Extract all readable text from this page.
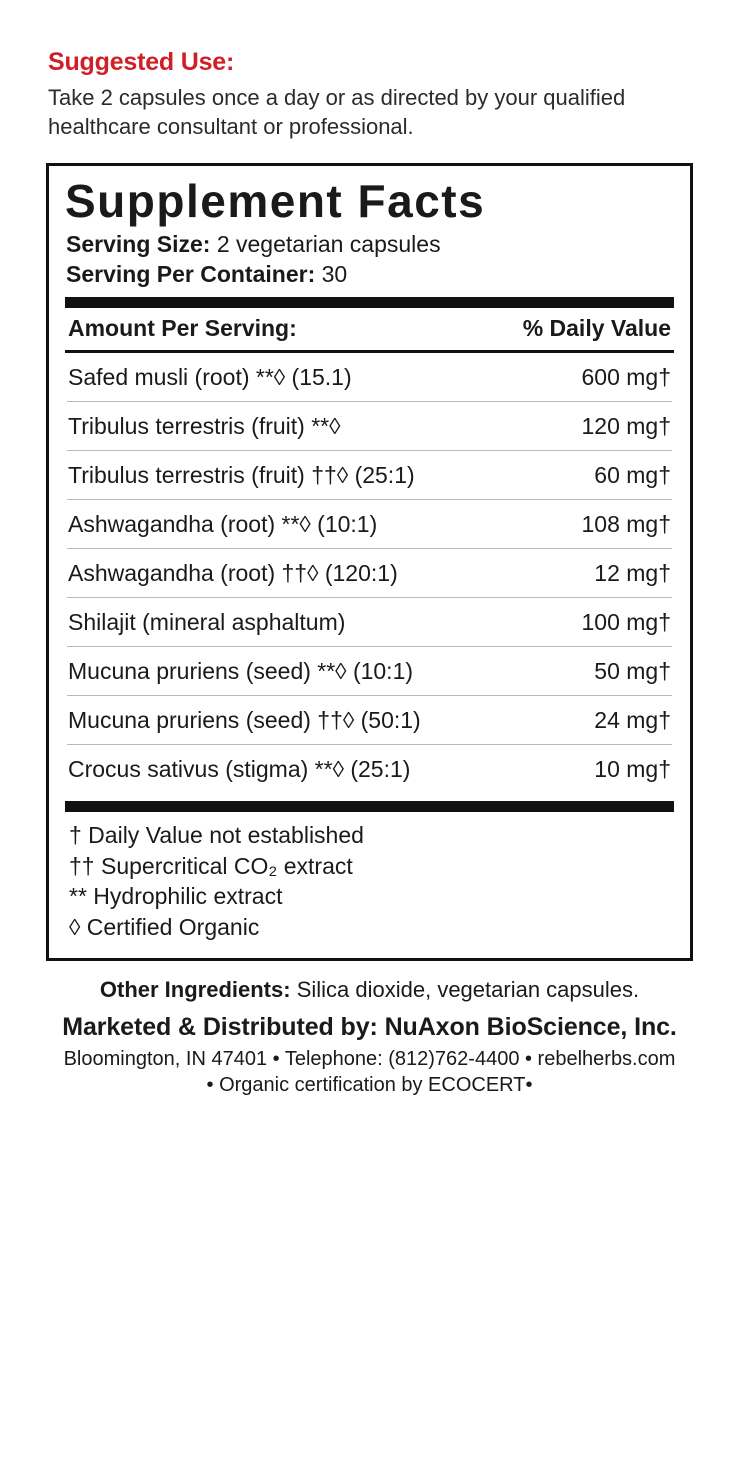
Suggested Use:
Take 2 capsules once a day or as directed by your qualified healthcare consultant or professional.
Supplement Facts
Serving Size: 2 vegetarian capsules
Serving Per Container: 30
Amount Per Serving:	% Daily Value
Safed musli (root) **◊ (15.1)	600 mg†
Tribulus terrestris (fruit) **◊	120 mg†
Tribulus terrestris (fruit) ††◊ (25:1)	60 mg†
Ashwagandha (root) **◊ (10:1)	108 mg†
Ashwagandha (root) ††◊ (120:1)	12 mg†
Shilajit (mineral asphaltum)	100 mg†
Mucuna pruriens (seed) **◊ (10:1)	50 mg†
Mucuna pruriens (seed) ††◊ (50:1)	24 mg†
Crocus sativus (stigma) **◊ (25:1)	10 mg†
† Daily Value not established
†† Supercritical CO₂ extract
** Hydrophilic extract
◊ Certified Organic
Other Ingredients: Silica dioxide, vegetarian capsules.
Marketed & Distributed by: NuAxon BioScience, Inc.
Bloomington, IN 47401 • Telephone: (812)762-4400 • rebelherbs.com
• Organic certification by ECOCERT•
